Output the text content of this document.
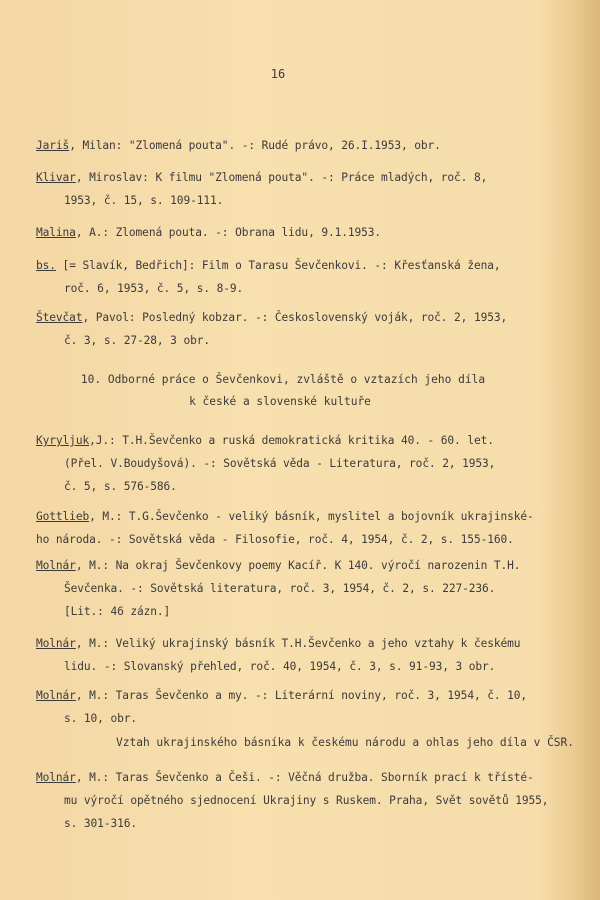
16
Jariš, Milan: "Zlomená pouta". -: Rudé právo, 26.I.1953, obr.
Klivar, Miroslav: K filmu "Zlomená pouta". -: Práce mladých, roč. 8,
1953, č. 15, s. 109-111.
Malina, A.: Zlomená pouta. -: Obrana lidu, 9.1.1953.
bs. [= Slavík, Bedřich]: Film o Tarasu Ševčenkovi. -: Křesťanská žena,
roč. 6, 1953, č. 5, s. 8-9.
Števčat, Pavol: Posledný kobzar. -: Československý voják, roč. 2, 1953,
č. 3, s. 27-28, 3 obr.
10. Odborné práce o Ševčenkovi, zvláště o vztazích jeho díla
k české a slovenské kultuře
Kyryljuk,J.: T.H.Ševčenko a ruská demokratická kritika 40. - 60. let.
(Přel. V.Boudyšová). -: Sovětská věda - Literatura, roč. 2, 1953,
č. 5, s. 576-586.
Gottlieb, M.: T.G.Ševčenko - veliký básník, myslitel a bojovník ukrajinské-
ho národa. -: Sovětská věda - Filosofie, roč. 4, 1954, č. 2, s. 155-160.
Molnár, M.: Na okraj Ševčenkovy poemy Kacíř. K 140. výročí narozenin T.H.
Ševčenka. -: Sovětská literatura, roč. 3, 1954, č. 2, s. 227-236.
[Lit.: 46 zázn.]
Molnár, M.: Veliký ukrajinský básník T.H.Ševčenko a jeho vztahy k českému
lidu. -: Slovanský přehled, roč. 40, 1954, č. 3, s. 91-93, 3 obr.
Molnár, M.: Taras Ševčenko a my. -: Literární noviny, roč. 3, 1954, č. 10,
s. 10, obr.
Vztah ukrajinského básníka k českému národu a ohlas jeho díla v ČSR.
Molnár, M.: Taras Ševčenko a Češi. -: Věčná družba. Sborník prací k třísté-
mu výročí opětného sjednocení Ukrajiny s Ruskem. Praha, Svět sovětů 1955,
s. 301-316.
